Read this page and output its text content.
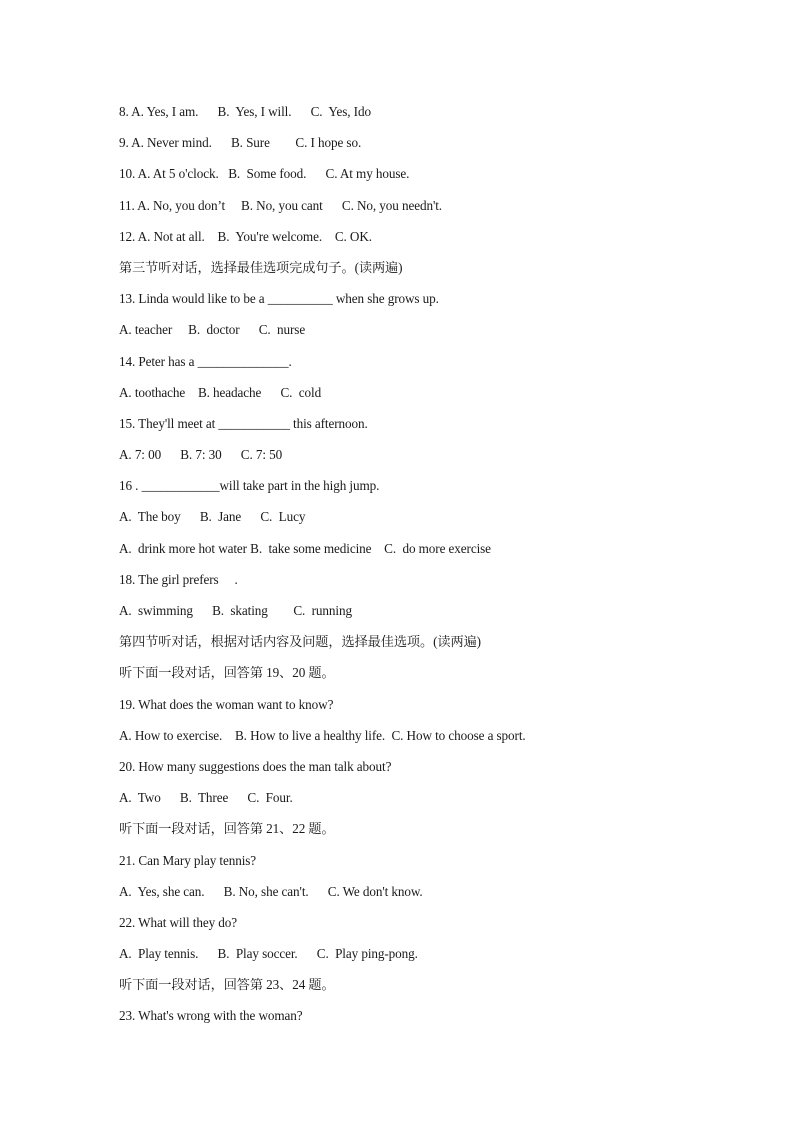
8. A. Yes, I am.      B.  Yes, I will.      C.  Yes, Ido
9. A. Never mind.      B. Sure        C. I hope so.
10. A. At 5 o'clock.   B.  Some food.      C. At my house.
11. A. No, you don’t     B. No, you cant      C. No, you needn't.
12. A. Not at all.    B.  You're welcome.    C. OK.
第三节听对话，选择最佳选项完成句子。(读两遍)
13. Linda would like to be a __________ when she grows up.
A. teacher     B.  doctor      C.  nurse
14. Peter has a ______________.
A. toothache    B. headache      C.  cold
15. They'll meet at ___________ this afternoon.
A. 7: 00      B. 7: 30      C. 7: 50
16 . ____________will take part in the high jump.
A.  The boy      B.  Jane      C.  Lucy
A.  drink more hot water B.  take some medicine    C.  do more exercise
18. The girl prefers     .
A.  swimming      B.  skating        C.  running
第四节听对话，根据对话内容及问题，选择最佳选项。(读两遍)
听下面一段对话，回答第 19、20 题。
19. What does the woman want to know?
A. How to exercise.    B. How to live a healthy life.  C. How to choose a sport.
20. How many suggestions does the man talk about?
A.  Two      B.  Three      C.  Four.
听下面一段对话，回答第 21、22 题。
21. Can Mary play tennis?
A.  Yes, she can.      B. No, she can't.      C. We don't know.
22. What will they do?
A.  Play tennis.      B.  Play soccer.      C.  Play ping-pong.
听下面一段对话，回答第 23、24 题。
23. What's wrong with the woman?
